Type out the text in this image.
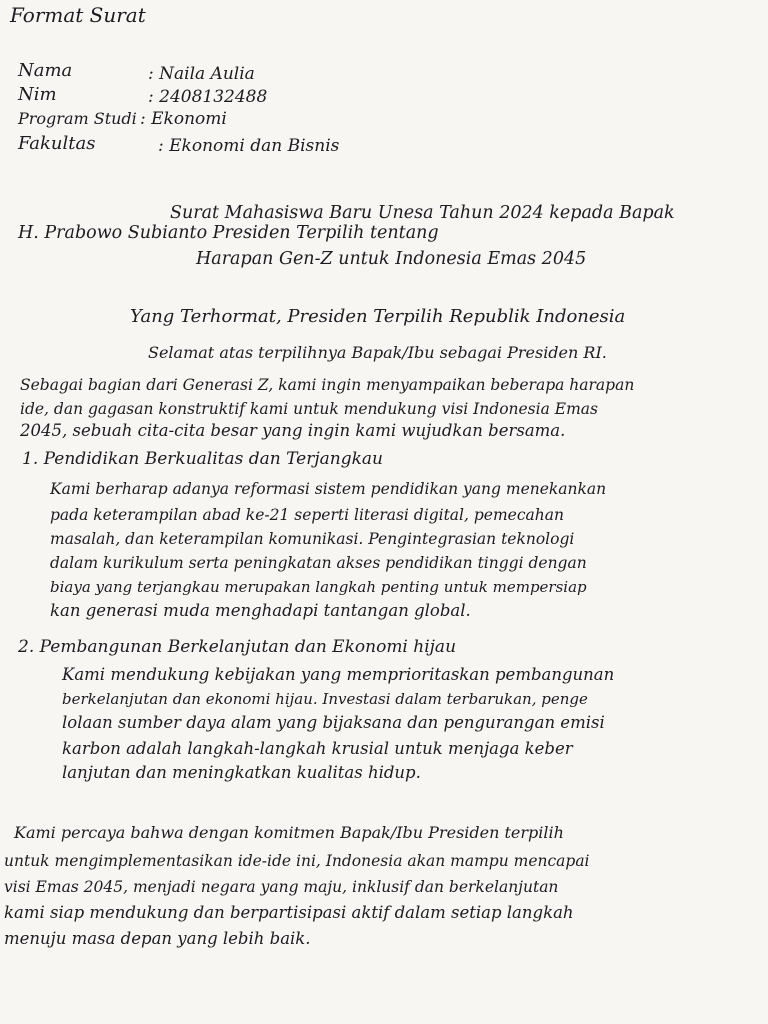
Format Surat
Nama	: Naila Aulia
Nim	: 2408132488
Program Studi : Ekonomi
Fakultas	: Ekonomi dan Bisnis
Surat Mahasiswa Baru Unesa Tahun 2024 kepada Bapak
H. Prabowo Subianto Presiden Terpilih tentang
Harapan Gen-Z untuk Indonesia Emas 2045
Yang Terhormat, Presiden Terpilih Republik Indonesia
Selamat atas terpilihnya Bapak/Ibu sebagai Presiden RI.
Sebagai bagian dari Generasi Z, kami ingin menyampaikan beberapa harapan
ide, dan gagasan konstruktif kami untuk mendukung visi Indonesia Emas
2045, sebuah cita-cita besar yang ingin kami wujudkan bersama.
1. Pendidikan Berkualitas dan Terjangkau
Kami berharap adanya reformasi sistem pendidikan yang menekankan
pada keterampilan abad ke-21 seperti literasi digital, pemecahan
masalah, dan keterampilan komunikasi. Pengintegrasian teknologi
dalam kurikulum serta peningkatan akses pendidikan tinggi dengan
biaya yang terjangkau merupakan langkah penting untuk mempersiap
kan generasi muda menghadapi tantangan global.
2. Pembangunan Berkelanjutan dan Ekonomi hijau
Kami mendukung kebijakan yang memprioritaskan pembangunan
berkelanjutan dan ekonomi hijau. Investasi dalam terbarukan, penge
lolaan sumber daya alam yang bijaksana dan pengurangan emisi
karbon adalah langkah-langkah krusial untuk menjaga keber
lanjutan dan meningkatkan kualitas hidup.
Kami percaya bahwa dengan komitmen Bapak/Ibu Presiden terpilih
untuk mengimplementasikan ide-ide ini, Indonesia akan mampu mencapai
visi Emas 2045, menjadi negara yang maju, inklusif dan berkelanjutan
kami siap mendukung dan berpartisipasi aktif dalam setiap langkah
menuju masa depan yang lebih baik.
